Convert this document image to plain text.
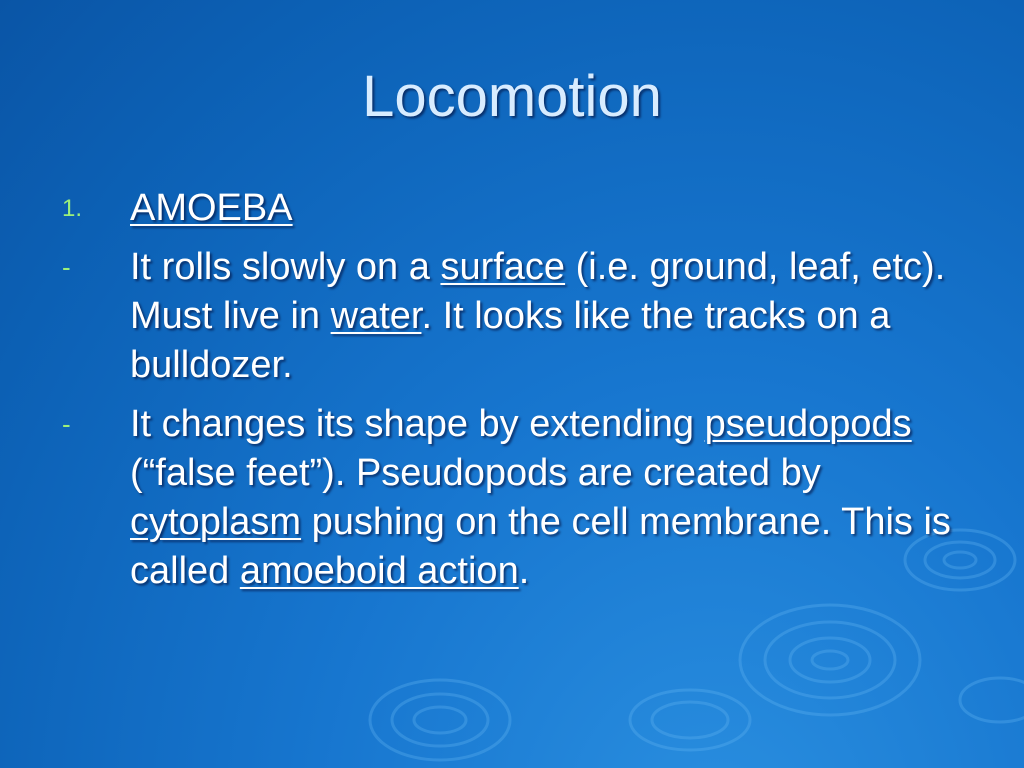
Locomotion
1. AMOEBA
- It rolls slowly on a surface (i.e. ground, leaf, etc). Must live in water. It looks like the tracks on a bulldozer.
- It changes its shape by extending pseudopods (“false feet”). Pseudopods are created by cytoplasm pushing on the cell membrane. This is called amoeboid action.
